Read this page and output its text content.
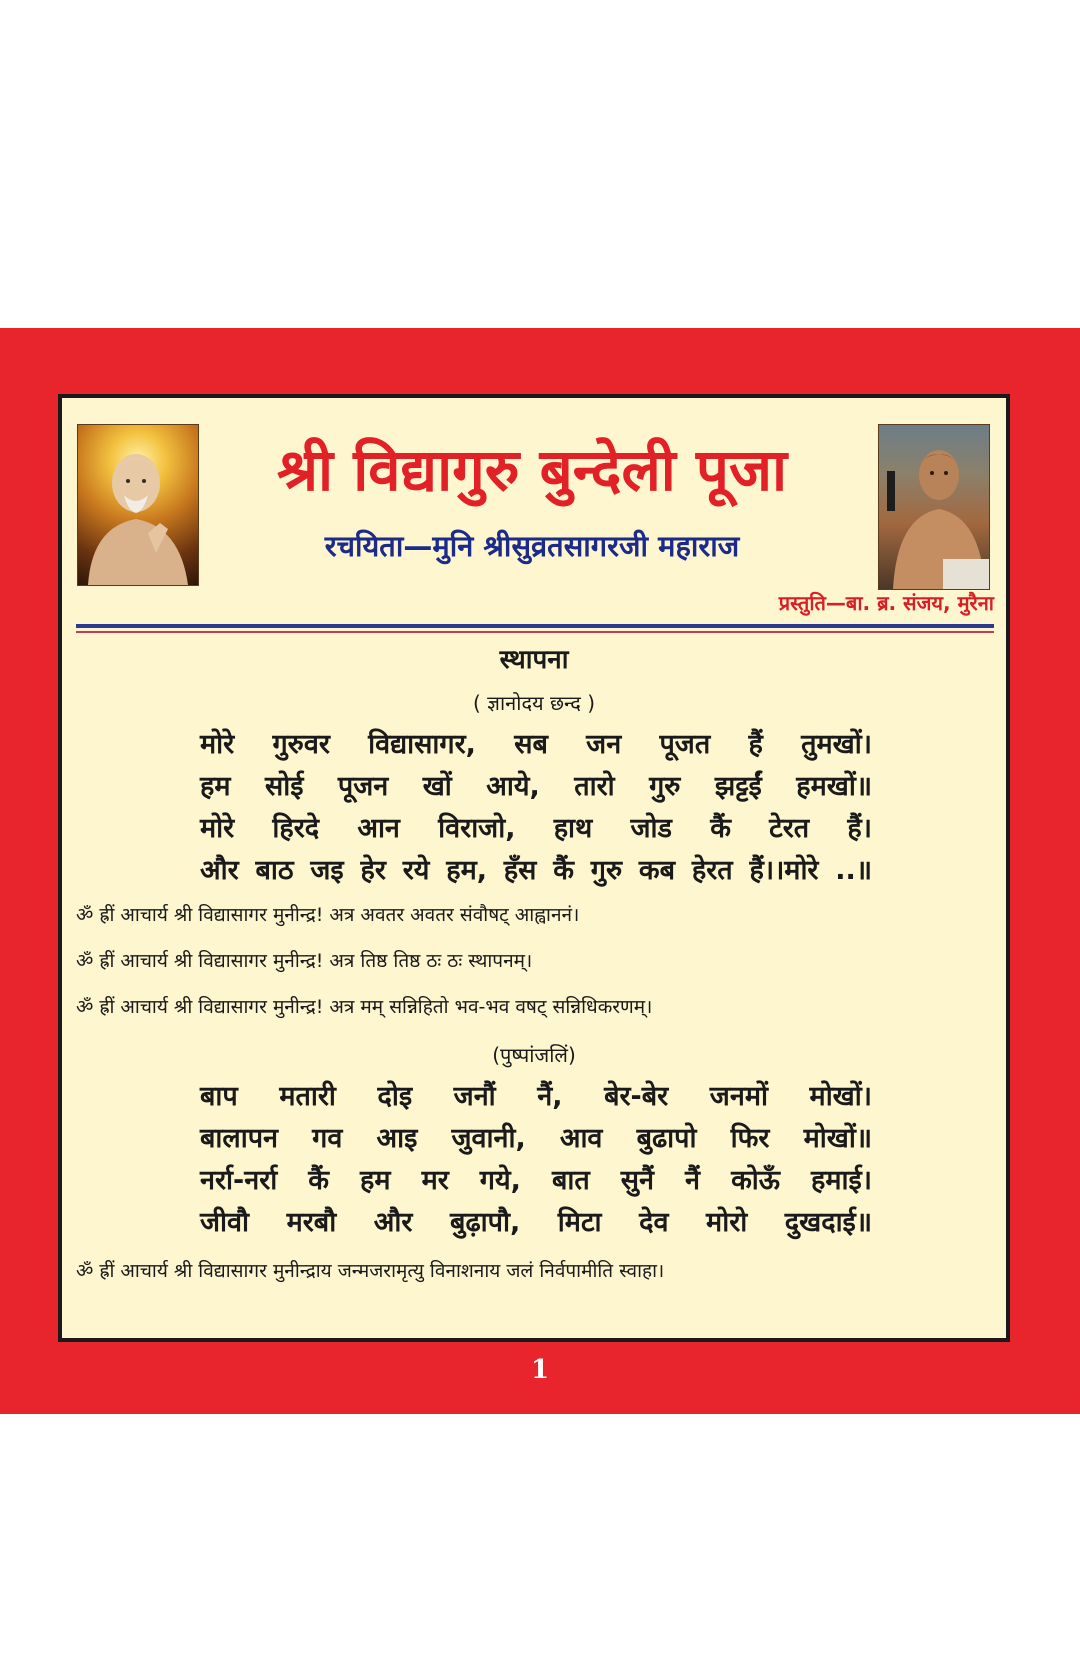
श्री विद्यागुरु बुन्देली पूजा
रचयिता—मुनि श्रीसुव्रतसागरजी महाराज
प्रस्तुति—बा. ब्र. संजय, मुरैना
स्थापना
( ज्ञानोदय छन्द )
मोरे गुरुवर विद्यासागर, सब जन पूजत हैं तुमखों।
हम सोई पूजन खों आये, तारो गुरु झट्टईं हमखों॥
मोरे हिरदे आन विराजो, हाथ जोड कैं टेरत हैं।
और बाठ जइ हेर रये हम, हँस कैं गुरु कब हेरत हैं।।मोरे ..॥
ॐ ह्रीं आचार्य श्री विद्यासागर मुनीन्द्र! अत्र अवतर अवतर संवौषट् आह्वाननं।
ॐ ह्रीं आचार्य श्री विद्यासागर मुनीन्द्र! अत्र तिष्ठ तिष्ठ ठः ठः स्थापनम्।
ॐ ह्रीं आचार्य श्री विद्यासागर मुनीन्द्र! अत्र मम् सन्निहितो भव-भव वषट् सन्निधिकरणम्।
(पुष्पांजलिं)
बाप मतारी दोइ जनौं नैं, बेर-बेर जनमों मोखों।
बालापन गव आइ जुवानी, आव बुढापो फिर मोखों॥
नर्रा-नर्रा कैं हम मर गये, बात सुनैं नैं कोऊँ हमाई।
जीवौ मरबौ और बुढ़ापौ, मिटा देव मोरो दुखदाई॥
ॐ ह्रीं आचार्य श्री विद्यासागर मुनीन्द्राय जन्मजरामृत्यु विनाशनाय जलं निर्वपामीति स्वाहा।
1
